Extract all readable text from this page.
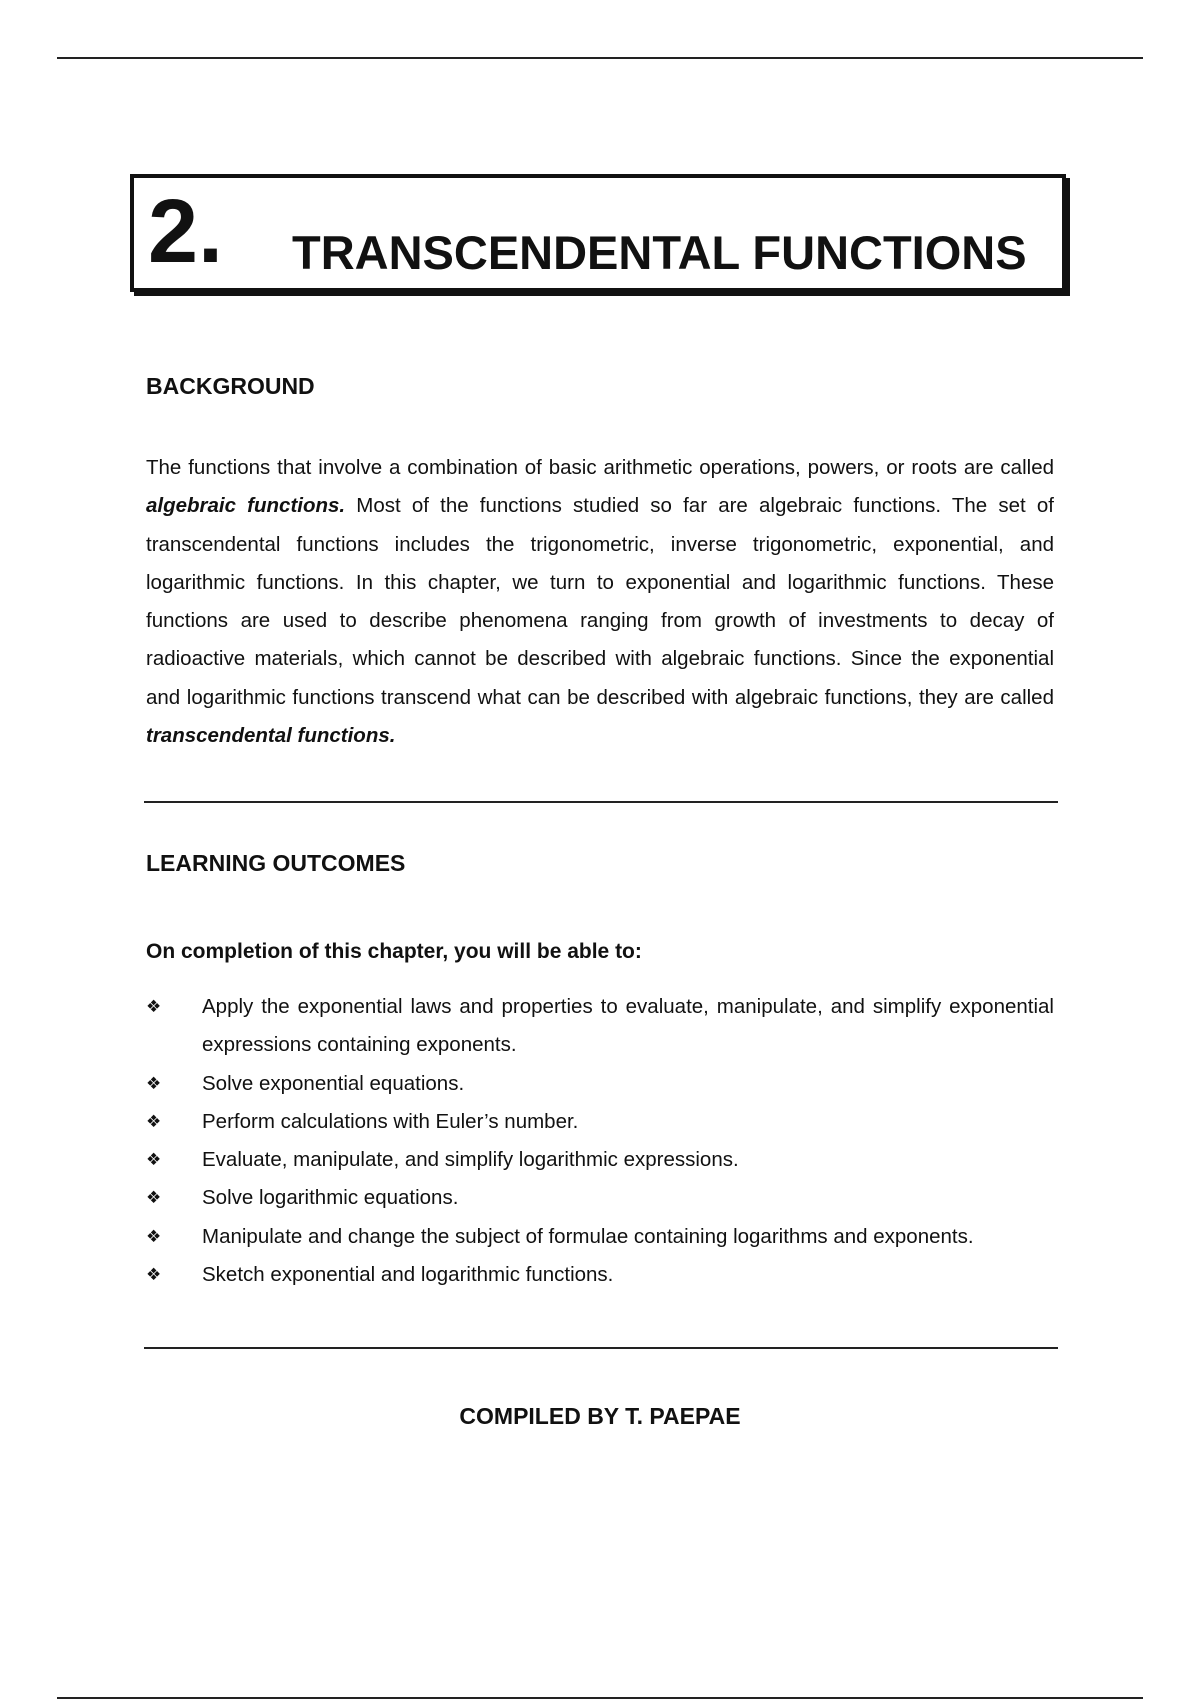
2. TRANSCENDENTAL FUNCTIONS
BACKGROUND

The functions that involve a combination of basic arithmetic operations, powers, or roots are called algebraic functions. Most of the functions studied so far are algebraic functions. The set of transcendental functions includes the trigonometric, inverse trigonometric, exponential, and logarithmic functions. In this chapter, we turn to exponential and logarithmic functions. These functions are used to describe phenomena ranging from growth of investments to decay of radioactive materials, which cannot be described with algebraic functions. Since the exponential and logarithmic functions transcend what can be described with algebraic functions, they are called transcendental functions.

LEARNING OUTCOMES
On completion of this chapter, you will be able to:
❖ Apply the exponential laws and properties to evaluate, manipulate, and simplify exponential expressions containing exponents.
❖ Solve exponential equations.
❖ Perform calculations with Euler’s number.
❖ Evaluate, manipulate, and simplify logarithmic expressions.
❖ Solve logarithmic equations.
❖ Manipulate and change the subject of formulae containing logarithms and exponents.
❖ Sketch exponential and logarithmic functions.
COMPILED BY T. PAEPAE
